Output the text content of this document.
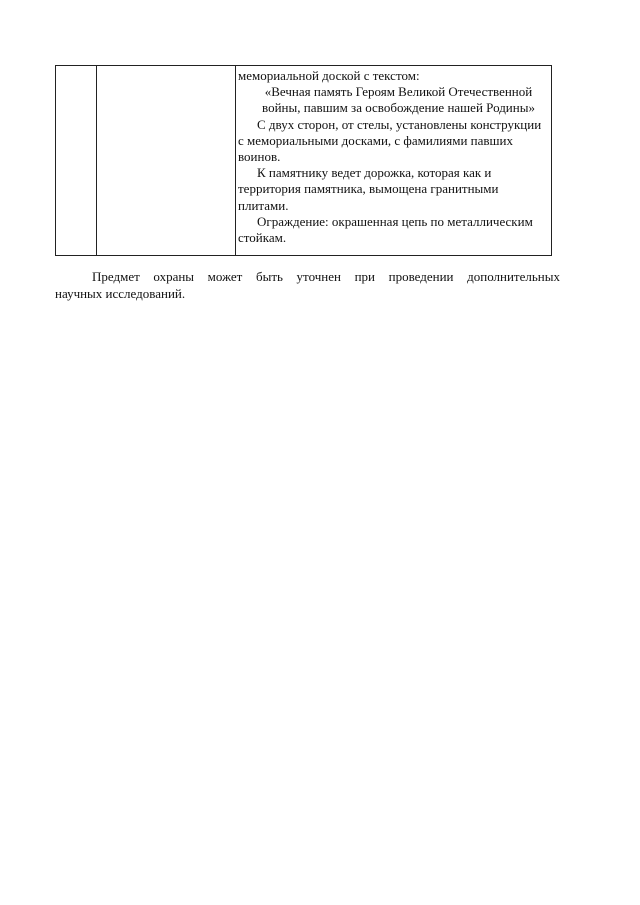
мемориальной доской с текстом:

«Вечная память Героям Великой Отечественной войны, павшим за освобождение нашей Родины»

С двух сторон, от стелы, установлены конструкции с мемориальными досками, с фамилиями павших воинов.

К памятнику ведет дорожка, которая как и территория памятника, вымощена гранитными плитами.

Ограждение: окрашенная цепь по металлическим стойкам.

Предмет охраны может быть уточнен при проведении дополнительных
научных исследований.
